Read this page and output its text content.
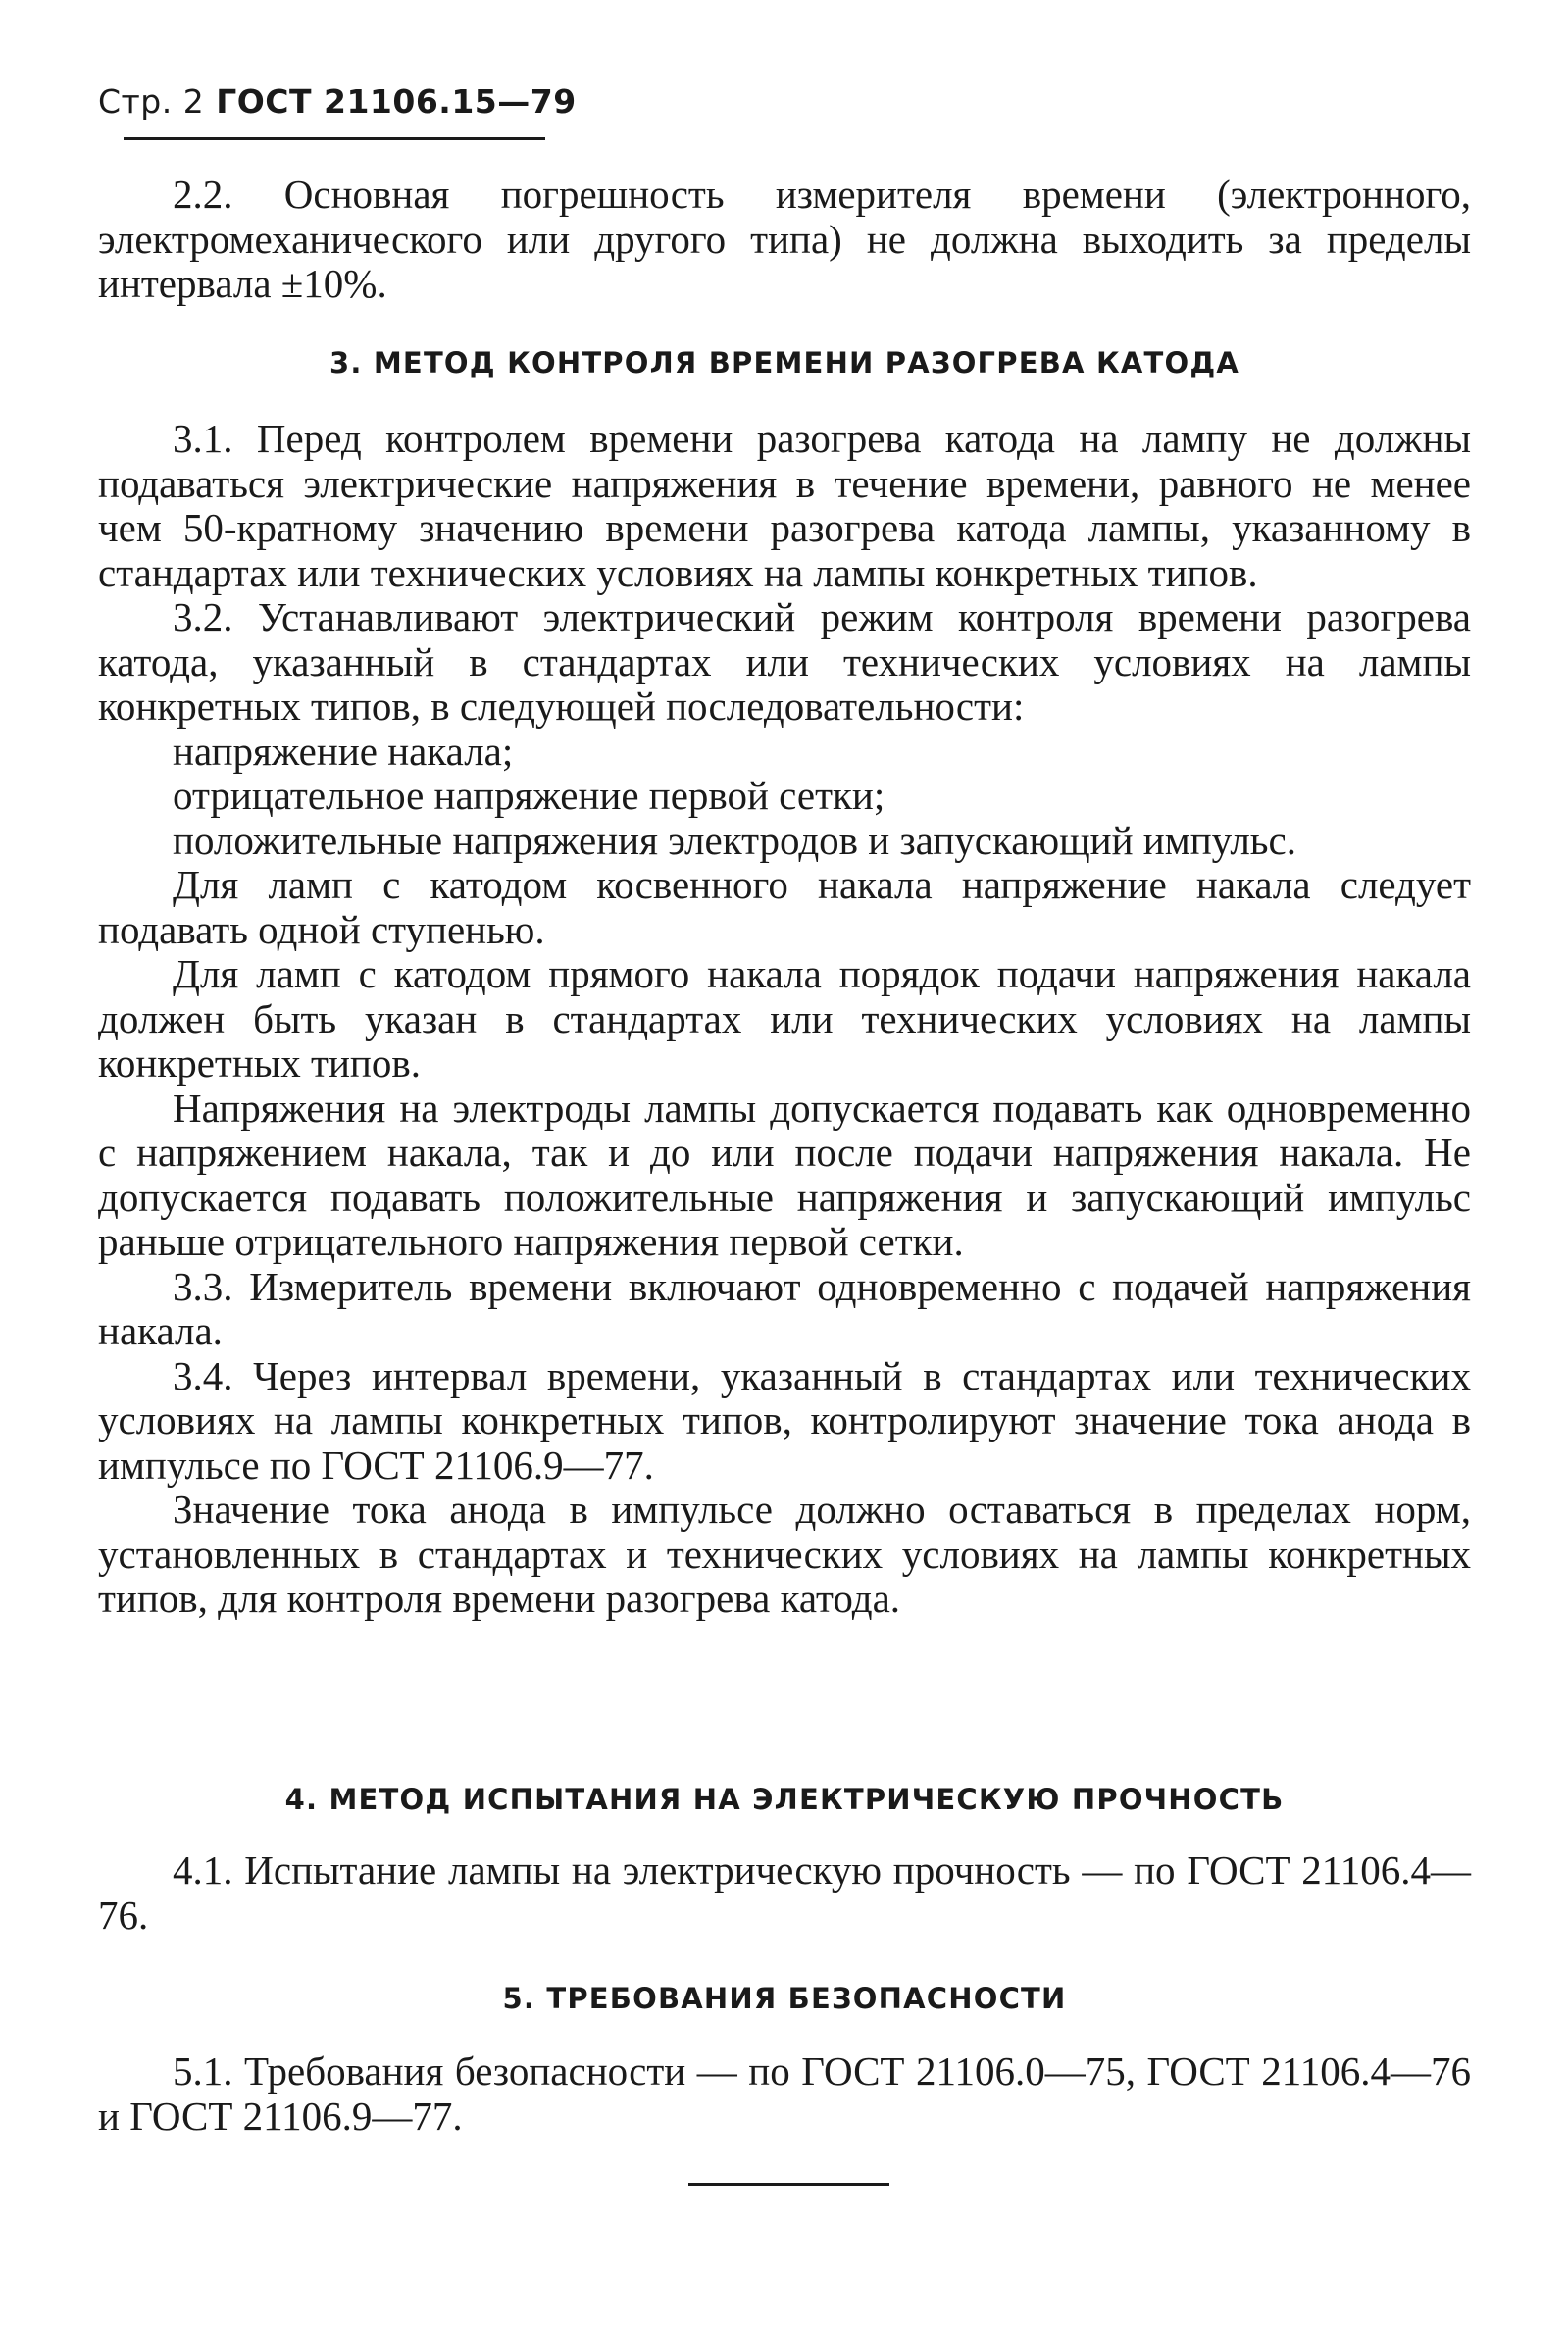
Стр. 2 ГОСТ 21106.15—79

2.2. Основная погрешность измерителя времени (электронного, электромеханического или другого типа) не должна выходить за пределы интервала ±10%.

3. МЕТОД КОНТРОЛЯ ВРЕМЕНИ РАЗОГРЕВА КАТОДА

3.1. Перед контролем времени разогрева катода на лампу не должны подаваться электрические напряжения в течение времени, равного не менее чем 50-кратному значению времени разогрева катода лампы, указанному в стандартах или технических условиях на лампы конкретных типов.

3.2. Устанавливают электрический режим контроля времени разогрева катода, указанный в стандартах или технических условиях на лампы конкретных типов, в следующей последовательности:

напряжение накала;

отрицательное напряжение первой сетки;

положительные напряжения электродов и запускающий импульс.

Для ламп с катодом косвенного накала напряжение накала следует подавать одной ступенью.

Для ламп с катодом прямого накала порядок подачи напряжения накала должен быть указан в стандартах или технических условиях на лампы конкретных типов.

Напряжения на электроды лампы допускается подавать как одновременно с напряжением накала, так и до или после подачи напряжения накала. Не допускается подавать положительные напряжения и запускающий импульс раньше отрицательного напряжения первой сетки.

3.3. Измеритель времени включают одновременно с подачей напряжения накала.

3.4. Через интервал времени, указанный в стандартах или технических условиях на лампы конкретных типов, контролируют значение тока анода в импульсе по ГОСТ 21106.9—77.

Значение тока анода в импульсе должно оставаться в пределах норм, установленных в стандартах и технических условиях на лампы конкретных типов, для контроля времени разогрева катода.

4. МЕТОД ИСПЫТАНИЯ НА ЭЛЕКТРИЧЕСКУЮ ПРОЧНОСТЬ

4.1. Испытание лампы на электрическую прочность — по ГОСТ 21106.4—76.

5. ТРЕБОВАНИЯ БЕЗОПАСНОСТИ

5.1. Требования безопасности — по ГОСТ 21106.0—75, ГОСТ 21106.4—76 и ГОСТ 21106.9—77.
